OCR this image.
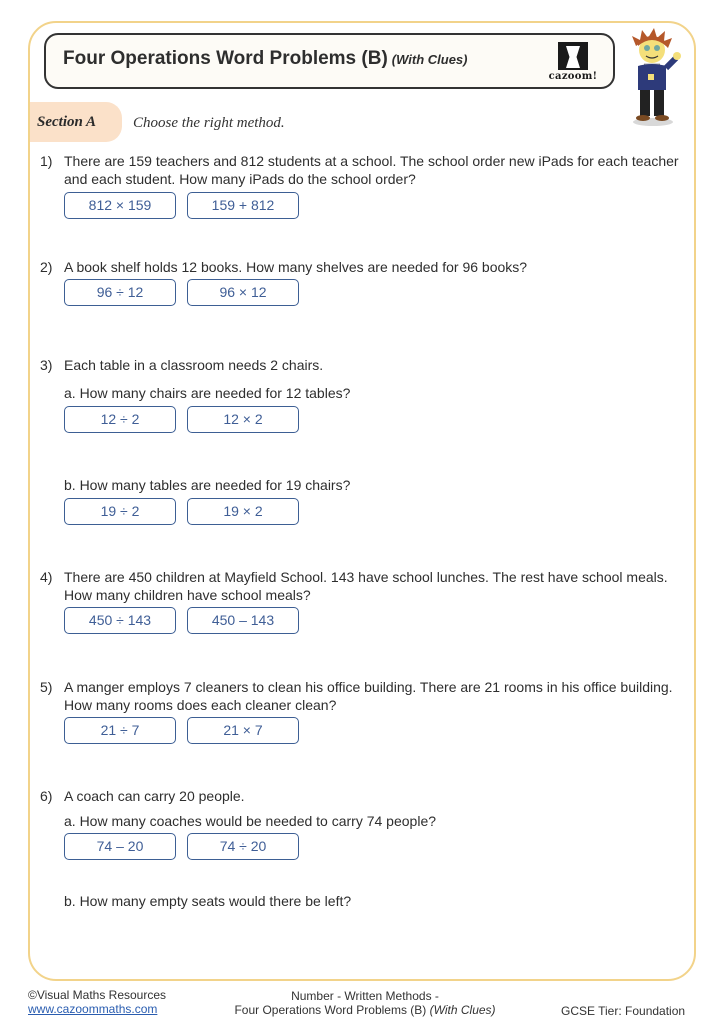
Four Operations Word Problems (B) (With Clues)
cazoom!
Section A Choose the right method.
1) There are 159 teachers and 812 students at a school. The school order new iPads for each teacher and each student. How many iPads do the school order?
812 × 159	159 + 812
2) A book shelf holds 12 books. How many shelves are needed for 96 books?
96 ÷ 12	96 × 12
3) Each table in a classroom needs 2 chairs.
a. How many chairs are needed for 12 tables?
12 ÷ 2	12 × 2
b. How many tables are needed for 19 chairs?
19 ÷ 2	19 × 2
4) There are 450 children at Mayfield School. 143 have school lunches. The rest have school meals. How many children have school meals?
450 ÷ 143	450 – 143
5) A manger employs 7 cleaners to clean his office building. There are 21 rooms in his office building. How many rooms does each cleaner clean?
21 ÷ 7	21 × 7
6) A coach can carry 20 people.
a. How many coaches would be needed to carry 74 people?
74 – 20	74 ÷ 20
b. How many empty seats would there be left?
©Visual Maths Resources
www.cazoommaths.com
Number - Written Methods -
Four Operations Word Problems (B) (With Clues)	GCSE Tier: Foundation
